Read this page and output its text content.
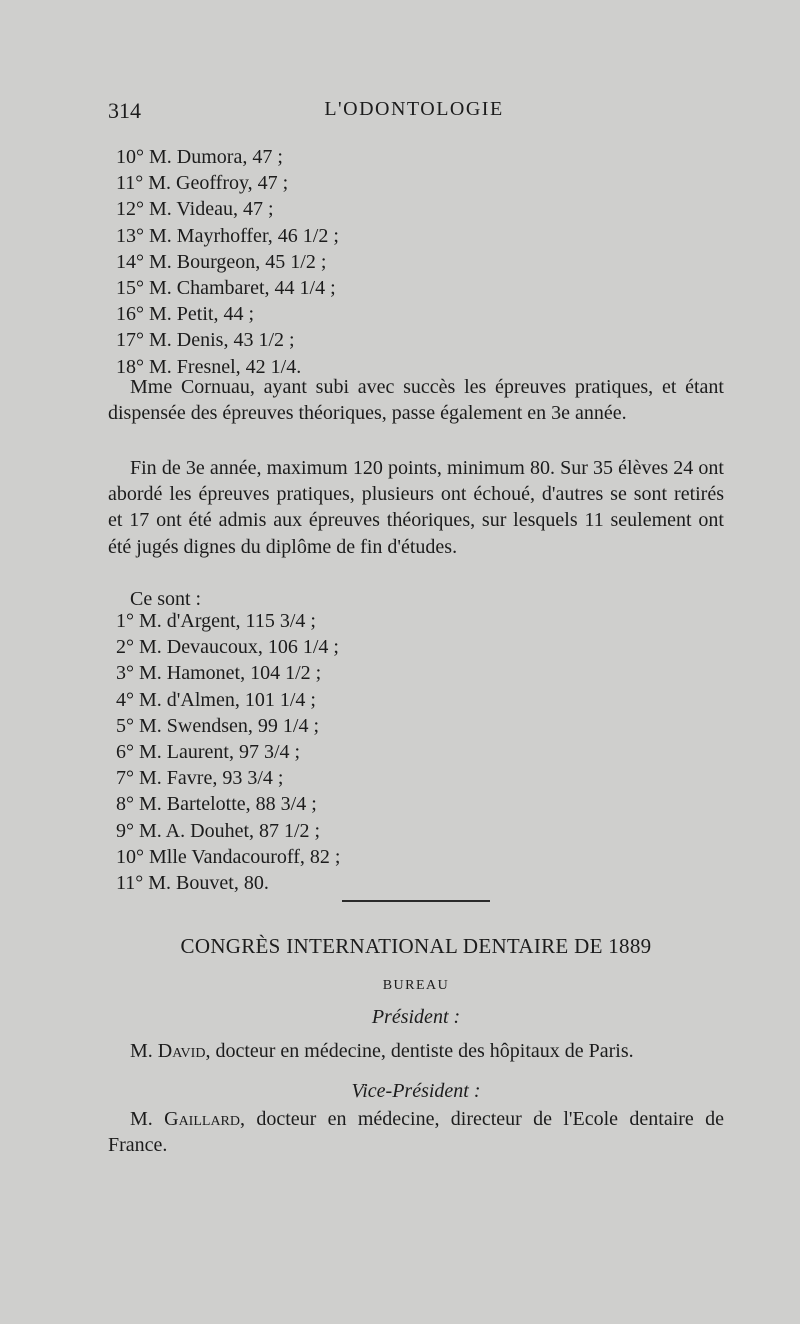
314	L'ODONTOLOGIE
10° M. Dumora, 47 ;
11° M. Geoffroy, 47 ;
12° M. Videau, 47 ;
13° M. Mayrhoffer, 46 1/2 ;
14° M. Bourgeon, 45 1/2 ;
15° M. Chambaret, 44 1/4 ;
16° M. Petit, 44 ;
17° M. Denis, 43 1/2 ;
18° M. Fresnel, 42 1/4.
Mme Cornuau, ayant subi avec succès les épreuves pratiques, et étant dispensée des épreuves théoriques, passe également en 3e année.
Fin de 3e année, maximum 120 points, minimum 80. Sur 35 élèves 24 ont abordé les épreuves pratiques, plusieurs ont échoué, d'autres se sont retirés et 17 ont été admis aux épreuves théoriques, sur lesquels 11 seulement ont été jugés dignes du diplôme de fin d'études.
Ce sont :
1° M. d'Argent, 115 3/4 ;
2° M. Devaucoux, 106 1/4 ;
3° M. Hamonet, 104 1/2 ;
4° M. d'Almen, 101 1/4 ;
5° M. Swendsen, 99 1/4 ;
6° M. Laurent, 97 3/4 ;
7° M. Favre, 93 3/4 ;
8° M. Bartelotte, 88 3/4 ;
9° M. A. Douhet, 87 1/2 ;
10° Mlle Vandacouroff, 82 ;
11° M. Bouvet, 80.
CONGRÈS INTERNATIONAL DENTAIRE DE 1889
BUREAU
Président :
M. David, docteur en médecine, dentiste des hôpitaux de Paris.
Vice-Président :
M. Gaillard, docteur en médecine, directeur de l'Ecole dentaire de France.
